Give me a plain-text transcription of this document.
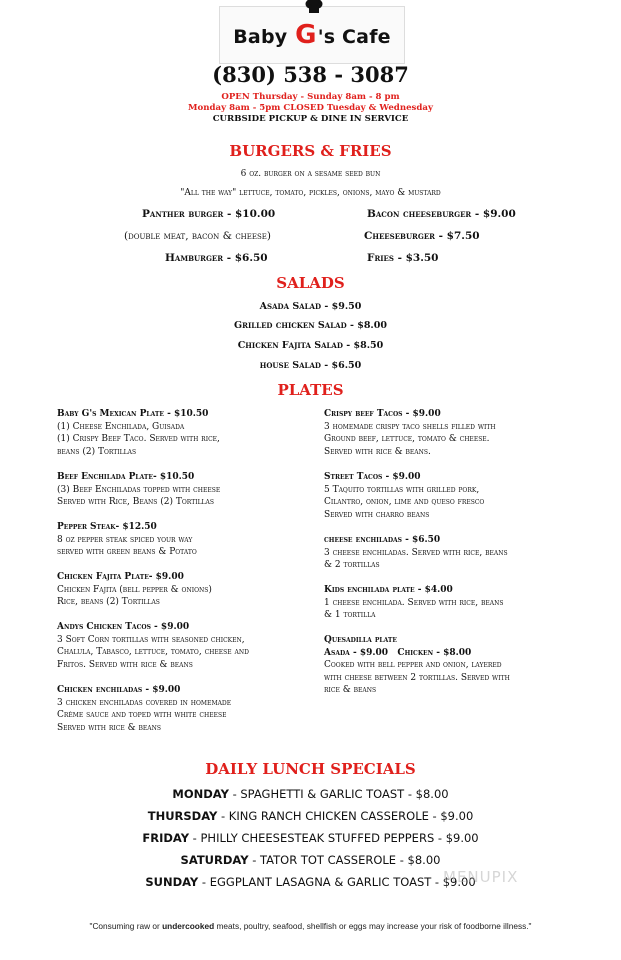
Baby
G's Cafe
(830) 538 - 3087
OPEN Thursday - Sunday 8am - 8 pm
Monday 8am - 5pm CLOSED Tuesday & Wednesday
CURBSIDE PICKUP & DINE IN SERVICE
BURGERS & FRIES
6 oz. burger on a sesame seed bun
"All the way" lettuce, tomato, pickles, onions, mayo & mustard
Panther burger - $10.00
(double meat, bacon & cheese)
Hamburger - $6.50
Bacon cheeseburger - $9.00
Cheeseburger - $7.50
Fries - $3.50
SALADS
Asada Salad - $9.50
Grilled chicken Salad - $8.00
Chicken Fajita Salad - $8.50
house Salad - $6.50
PLATES
Baby G's Mexican Plate - $10.50
(1) Cheese Enchilada, Guisada
(1) Crispy Beef Taco. Served with rice,
beans (2) Tortillas
Beef Enchilada Plate- $10.50
(3) Beef Enchiladas topped with cheese
Served with Rice, Beans (2) Tortillas
Pepper Steak- $12.50
8 oz pepper steak spiced your way
served with green beans & Potato
Chicken Fajita Plate- $9.00
Chicken Fajita (bell pepper & onions)
Rice, beans (2) Tortillas
Andys Chicken Tacos - $9.00
3 Soft Corn tortillas with seasoned chicken,
Chalula, Tabasco, lettuce, tomato, cheese and
Fritos. Served with rice & beans
Chicken enchiladas - $9.00
3 chicken enchiladas covered in homemade
Crème sauce and toped with white cheese
Served with rice & beans
Crispy beef Tacos - $9.00
3 homemade crispy taco shells filled with
Ground beef, lettuce, tomato & cheese.
Served with rice & beans.
Street Tacos - $9.00
5 Taquito tortillas with grilled pork,
Cilantro, onion, lime and queso fresco
Served with charro beans
cheese enchiladas - $6.50
3 cheese enchiladas. Served with rice, beans
& 2 tortillas
Kids enchilada plate - $4.00
1 cheese enchilada. Served with rice, beans
& 1 tortilla
Quesadilla plate
Asada - $9.00   Chicken - $8.00
Cooked with bell pepper and onion, layered
with cheese between 2 tortillas. Served with
rice & beans
DAILY LUNCH SPECIALS
MONDAY - SPAGHETTI & GARLIC TOAST - $8.00
THURSDAY - KING RANCH CHICKEN CASSEROLE - $9.00
FRIDAY - PHILLY CHEESESTEAK STUFFED PEPPERS - $9.00
SATURDAY - TATOR TOT CASSEROLE - $8.00
SUNDAY - EGGPLANT LASAGNA & GARLIC TOAST - $9.00
MENUPIX
"Consuming raw or undercooked meats, poultry, seafood, shellfish or eggs may increase your risk of foodborne illness."
